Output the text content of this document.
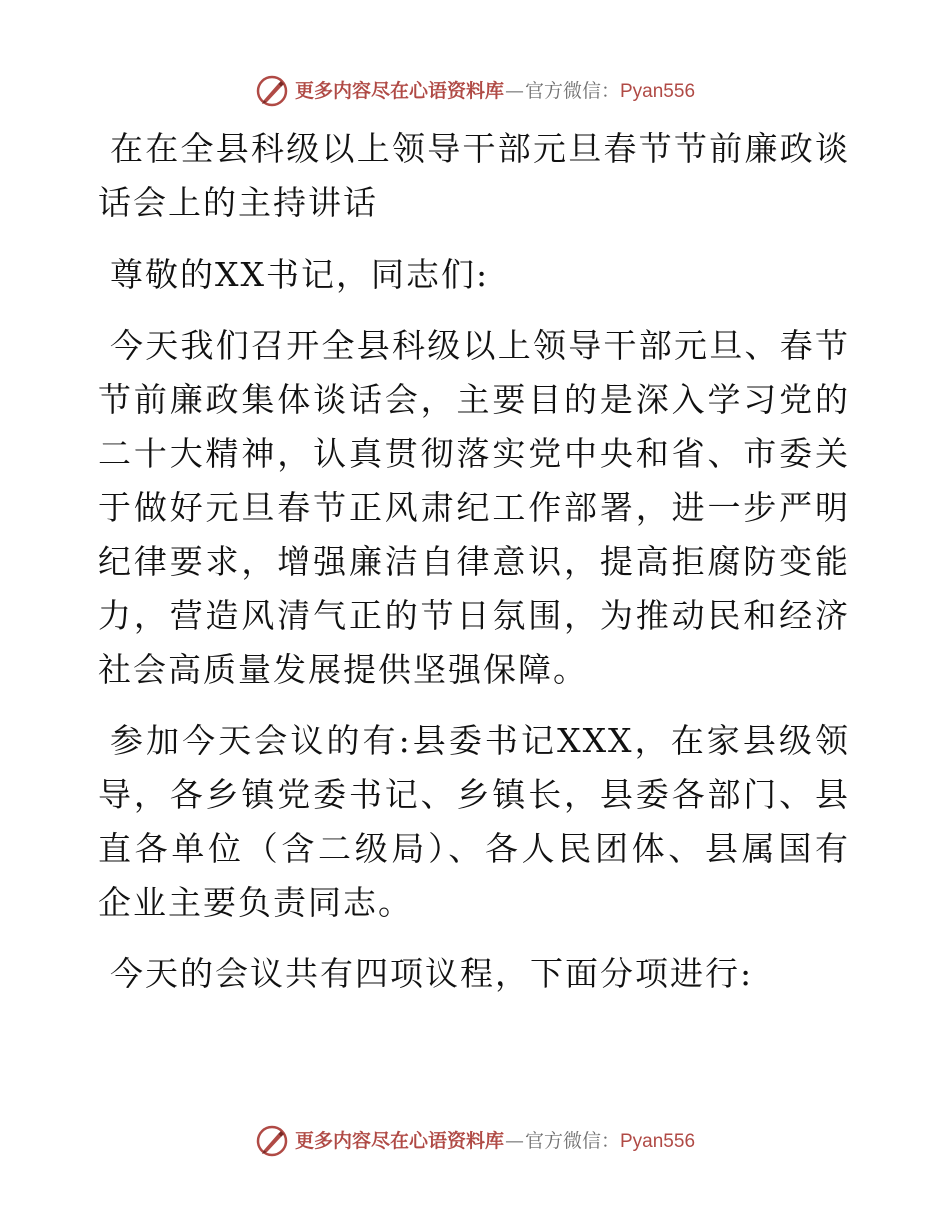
更多内容尽在心语资料库 — 官方微信： Pyan556

在在全县科级以上领导干部元旦春节节前廉政谈话会上的主持讲话

尊敬的XX书记，同志们:

今天我们召开全县科级以上领导干部元旦、春节节前廉政集体谈话会，主要目的是深入学习党的二十大精神，认真贯彻落实党中央和省、市委关于做好元旦春节正风肃纪工作部署，进一步严明纪律要求，增强廉洁自律意识，提高拒腐防变能力，营造风清气正的节日氛围，为推动民和经济社会高质量发展提供坚强保障。

参加今天会议的有:县委书记XXX，在家县级领导，各乡镇党委书记、乡镇长，县委各部门、县直各单位（含二级局）、各人民团体、县属国有企业主要负责同志。

今天的会议共有四项议程，下面分项进行:

更多内容尽在心语资料库 — 官方微信： Pyan556
